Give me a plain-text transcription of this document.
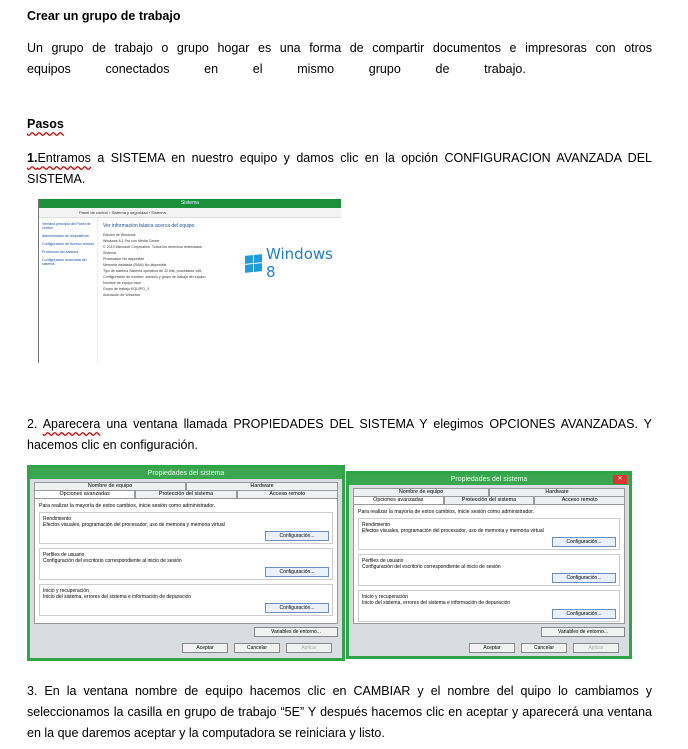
Crear un grupo de trabajo
Un grupo de trabajo o grupo hogar es una forma de compartir documentos e impresoras con otros
equipos          conectados          en          el          mismo          grupo          de          trabajo.
Pasos
1.Entramos a SISTEMA en nuestro equipo y damos clic en la opción CONFIGURACION AVANZADA DEL SISTEMA.
Sistema
Panel de control › Sistema y seguridad › Sistema
Ventana principal del Panel de control
Administrador de dispositivos
Configuración de Acceso remoto
Protección del sistema
Configuración avanzada del sistema
Ver información básica acerca del equipo
Edición de Windows
Windows 8.1 Pro con Media Center
© 2013 Microsoft Corporation. Todos los derechos reservados.
Sistema
Procesador No disponible
Memoria instalada (RAM) No disponible
Tipo de sistema Sistema operativo de 32 bits, procesador x86
Configuración de nombre, dominio y grupo de trabajo del equipo
Nombre de equipo mcsl
Grupo de trabajo EQUIPO_X
Activación de Windows
Windows 8
2. Aparecera una ventana llamada PROPIEDADES DEL SISTEMA Y elegimos OPCIONES AVANZADAS. Y hacemos clic en configuración.
Propiedades del sistema
Nombre de equipo	Hardware
Opciones avanzadas	Protección del sistema	Acceso remoto
Para realizar la mayoría de estos cambios, inicie sesión como administrador.
Rendimiento
Efectos visuales, programación del procesador, uso de memoria y memoria virtual
Configuración...
Perfiles de usuario
Configuración del escritorio correspondiente al inicio de sesión
Configuración...
Inicio y recuperación
Inicio del sistema, errores del sistema e información de depuración
Configuración...
Variables de entorno...
Aceptar	Cancelar	Aplicar
Propiedades del sistema	✕
Nombre de equipo	Hardware
Opciones avanzadas	Protección del sistema	Acceso remoto
Para realizar la mayoría de estos cambios, inicie sesión como administrador.
Rendimiento
Efectos visuales, programación del procesador, uso de memoria y memoria virtual
Configuración...
Perfiles de usuario
Configuración del escritorio correspondiente al inicio de sesión
Configuración...
Inicio y recuperación
Inicio del sistema, errores del sistema e información de depuración
Configuración...
Variables de entorno...
Aceptar	Cancelar	Aplicar
3. En la ventana nombre de equipo hacemos clic en CAMBIAR y el nombre del quipo lo cambiamos y seleccionamos la casilla en grupo de trabajo “5E” Y después hacemos clic en aceptar y aparecerá una ventana en la que daremos aceptar y la computadora se reiniciara y listo.
